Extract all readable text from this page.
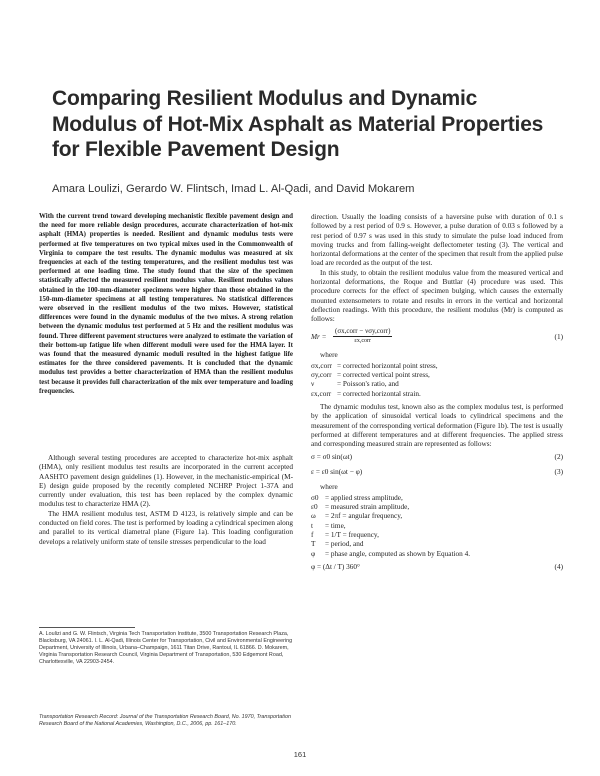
Comparing Resilient Modulus and Dynamic Modulus of Hot-Mix Asphalt as Material Properties for Flexible Pavement Design
Amara Loulizi, Gerardo W. Flintsch, Imad L. Al-Qadi, and David Mokarem

With the current trend toward developing mechanistic flexible pavement design and the need for more reliable design procedures, accurate characterization of hot-mix asphalt (HMA) properties is needed. Resilient and dynamic modulus tests were performed at five temperatures on two typical mixes used in the Commonwealth of Virginia to compare the test results. The dynamic modulus was measured at six frequencies at each of the testing temperatures, and the resilient modulus test was performed at one loading time. The study found that the size of the specimen statistically affected the measured resilient modulus value. Resilient modulus values obtained in the 100-mm-diameter specimens were higher than those obtained in the 150-mm-diameter specimens at all testing temperatures. No statistical differences were observed in the resilient modulus of the two mixes. However, statistical differences were found in the dynamic modulus of the two mixes. A strong relation between the dynamic modulus test performed at 5 Hz and the resilient modulus was found. Three different pavement structures were analyzed to estimate the variation of their bottom-up fatigue life when different moduli were used for the HMA layer. It was found that the measured dynamic moduli resulted in the highest fatigue life estimates for the three considered pavements. It is concluded that the dynamic modulus test provides a better characterization of HMA than the resilient modulus test because it provides full characterization of the mix over temperature and loading frequencies.

Although several testing procedures are accepted to characterize hot-mix asphalt (HMA), only resilient modulus test results are incorporated in the current accepted AASHTO pavement design guidelines (1). However, in the mechanistic-empirical (M-E) design guide proposed by the recently completed NCHRP Project 1-37A and currently under evaluation, this test has been replaced by the complex dynamic modulus test to characterize HMA (2).

The HMA resilient modulus test, ASTM D 4123, is relatively simple and can be conducted on field cores. The test is performed by loading a cylindrical specimen along and parallel to its vertical diametral plane (Figure 1a). This loading configuration develops a relatively uniform state of tensile stresses perpendicular to the load

A. Loulizi and G. W. Flintsch, Virginia Tech Transportation Institute, 3500 Transportation Research Plaza, Blacksburg, VA 24061. I. L. Al-Qadi, Illinois Center for Transportation, Civil and Environmental Engineering Department, University of Illinois, Urbana–Champaign, 1611 Titan Drive, Rantoul, IL 61866. D. Mokarem, Virginia Transportation Research Council, Virginia Department of Transportation, 530 Edgemont Road, Charlottesville, VA 22903-2454.

Transportation Research Record: Journal of the Transportation Research Board, No. 1970, Transportation Research Board of the National Academies, Washington, D.C., 2006, pp. 161–170.

direction. Usually the loading consists of a haversine pulse with duration of 0.1 s followed by a rest period of 0.9 s. However, a pulse duration of 0.03 s followed by a rest period of 0.97 s was used in this study to simulate the pulse load induced from moving trucks and from falling-weight deflectometer testing (3). The vertical and horizontal deformations at the center of the specimen that result from the applied pulse load are recorded as the output of the test.

In this study, to obtain the resilient modulus value from the measured vertical and horizontal deformations, the Roque and Buttlar (4) procedure was used. This procedure corrects for the effect of specimen bulging, which causes the externally mounted extensometers to rotate and results in errors in the vertical and horizontal deflection readings. With this procedure, the resilient modulus (Mr) is computed as follows:

Mr =
(σx,corr − νσy,corr)
εx,corr
(1)

where

σx,corr = corrected horizontal point stress,
σy,corr = corrected vertical point stress,
ν	= Poisson's ratio, and
εx,corr = corrected horizontal strain.

The dynamic modulus test, known also as the complex modulus test, is performed by the application of sinusoidal vertical loads to cylindrical specimens and the measurement of the corresponding vertical deformation (Figure 1b). The test is usually performed at different temperatures and at different frequencies. The applied stress and corresponding measured strain are represented as follows:

σ = σ0 sin(ωt)	(2)
ε = ε0 sin(ωt − φ)	(3)

where

σ0 = applied stress amplitude,
ε0 = measured strain amplitude,
ω = 2πf = angular frequency,
t = time,
f = 1/T = frequency,
T = period, and
φ = phase angle, computed as shown by Equation 4.
φ = (Δt / T) 360°	(4)
161
